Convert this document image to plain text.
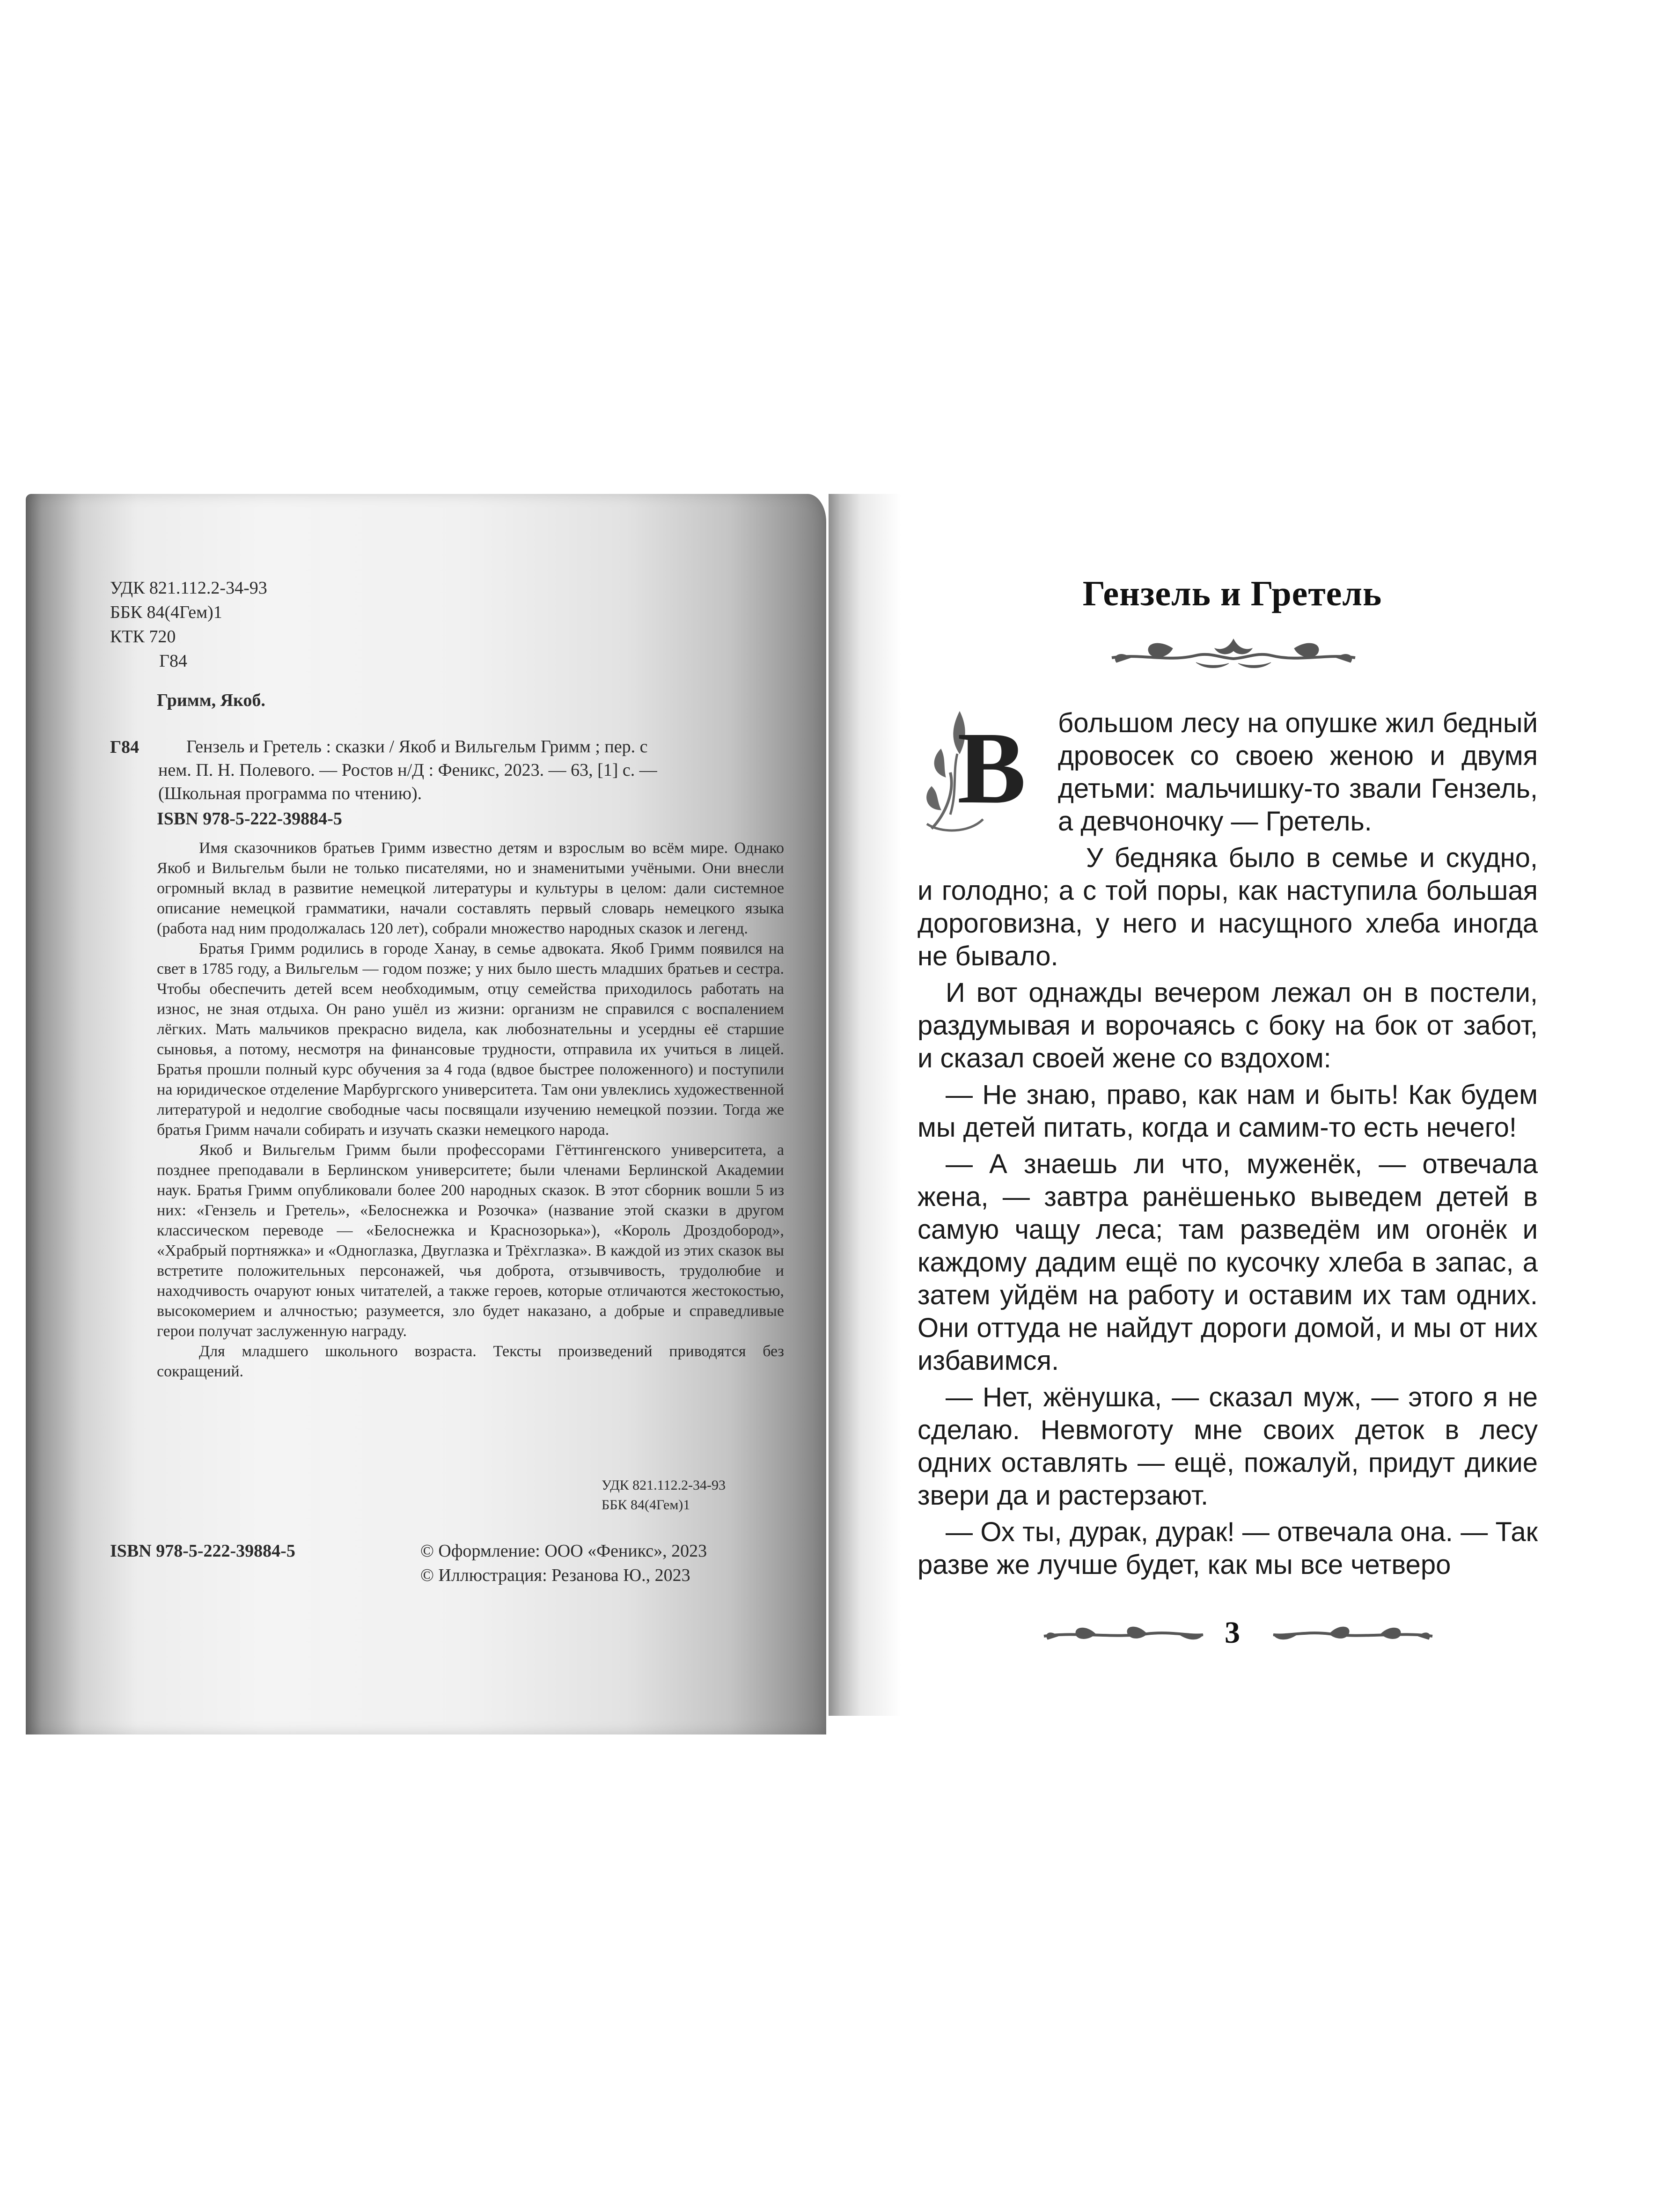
УДК 821.112.2-34-93
ББК 84(4Гем)1
КТК 720
Г84
Гримм, Якоб.
Г84	Гензель и Гретель : сказки / Якоб и Вильгельм Гримм ; пер. с
нем. П. Н. Полевого. — Ростов н/Д : Феникс, 2023. — 63, [1] с. —
(Школьная программа по чтению).
ISBN 978-5-222-39884-5

Имя сказочников братьев Гримм известно детям и взрослым во всём мире. Однако Якоб и Вильгельм были не только писателями, но и знаменитыми учёными. Они внесли огромный вклад в развитие немецкой литературы и культуры в целом: дали системное описание немецкой грамматики, начали составлять первый словарь немецкого языка (работа над ним продолжалась 120 лет), собрали множество народных сказок и легенд.

Братья Гримм родились в городе Ханау, в семье адвоката. Якоб Гримм появился на свет в 1785 году, а Вильгельм — годом позже; у них было шесть младших братьев и сестра. Чтобы обеспечить детей всем необходимым, отцу семейства приходилось работать на износ, не зная отдыха. Он рано ушёл из жизни: организм не справился с воспалением лёгких. Мать мальчиков прекрасно видела, как любознательны и усердны её старшие сыновья, а потому, несмотря на финансовые трудности, отправила их учиться в лицей. Братья прошли полный курс обучения за 4 года (вдвое быстрее положенного) и поступили на юридическое отделение Марбургского университета. Там они увлеклись художественной литературой и недолгие свободные часы посвящали изучению немецкой поэзии. Тогда же братья Гримм начали собирать и изучать сказки немецкого народа.

Якоб и Вильгельм Гримм были профессорами Гёттингенского университета, а позднее преподавали в Берлинском университете; были членами Берлинской Академии наук. Братья Гримм опубликовали более 200 народных сказок. В этот сборник вошли 5 из них: «Гензель и Гретель», «Белоснежка и Розочка» (название этой сказки в другом классическом переводе — «Белоснежка и Краснозорька»), «Король Дроздобород», «Храбрый портняжка» и «Одноглазка, Двуглазка и Трёхглазка». В каждой из этих сказок вы встретите положительных персонажей, чья доброта, отзывчивость, трудолюбие и находчивость очаруют юных читателей, а также героев, которые отличаются жестокостью, высокомерием и алчностью; разумеется, зло будет наказано, а добрые и справедливые герои получат заслуженную награду.

Для младшего школьного возраста. Тексты произведений приводятся без сокращений.

УДК 821.112.2-34-93
ББК 84(4Гем)1
ISBN 978-5-222-39884-5	© Оформление: ООО «Феникс», 2023
© Иллюстрация: Резанова Ю., 2023
Гензель и Гретель

В большом лесу на опушке жил бедный дровосек со своею женою и двумя детьми: мальчишку-то звали Гензель, а девчоночку — Гретель.

У бедняка было в семье и скудно, и голодно; а с той поры, как наступила большая дороговизна, у него и насущного хлеба иногда не бывало.

И вот однажды вечером лежал он в постели, раздумывая и ворочаясь с боку на бок от забот, и сказал своей жене со вздохом:

— Не знаю, право, как нам и быть! Как будем мы детей питать, когда и самим-то есть нечего!

— А знаешь ли что, муженёк, — отвечала жена, — завтра ранёшенько выведем детей в самую чащу леса; там разведём им огонёк и каждому дадим ещё по кусочку хлеба в запас, а затем уйдём на работу и оставим их там одних. Они оттуда не найдут дороги домой, и мы от них избавимся.

— Нет, жёнушка, — сказал муж, — этого я не сделаю. Невмоготу мне своих деток в лесу одних оставлять — ещё, пожалуй, придут дикие звери да и растерзают.

— Ох ты, дурак, дурак! — отвечала она. — Так разве же лучше будет, как мы все четверо

3
